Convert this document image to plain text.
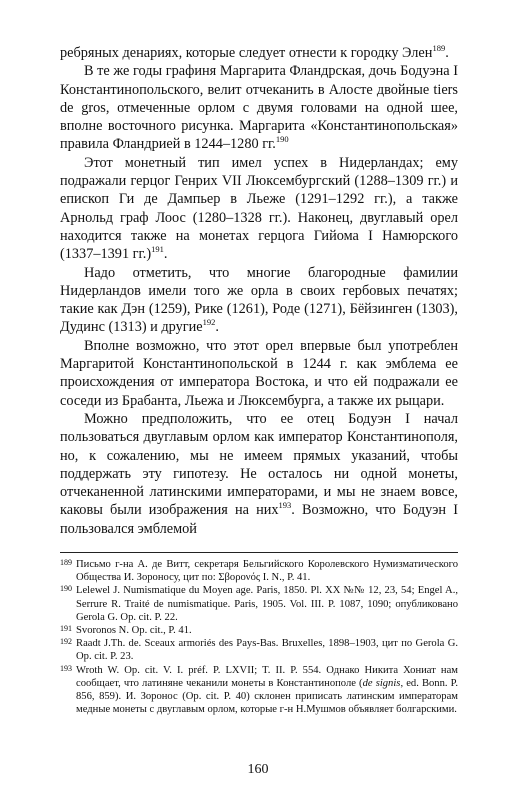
ребряных денариях, которые следует отнести к городку Элен$^{189}$.

В те же годы графиня Маргарита Фландрская, дочь Бодуэна I Константинопольского, велит отчеканить в Алосте двойные tiers de gros, отмеченные орлом с двумя головами на одной шее, вполне восточного рисунка. Маргарита «Константинопольская» правила Фландрией в 1244–1280 гг.$^{190}$

Этот монетный тип имел успех в Нидерландах; ему подражали герцог Генрих VII Люксембургский (1288–1309 гг.) и епископ Ги де Дампьер в Льеже (1291–1292 гг.), а также Арнольд граф Лоос (1280–1328 гг.). Наконец, двуглавый орел находится также на монетах герцога Гийома I Намюрского (1337–1391 гг.)$^{191}$.

Надо отметить, что многие благородные фамилии Нидерландов имели того же орла в своих гербовых печатях; такие как Дэн (1259), Рике (1261), Роде (1271), Бёйзинген (1303), Дудинс (1313) и другие$^{192}$.

Вполне возможно, что этот орел впервые был употреблен Маргаритой Константинопольской в 1244 г. как эмблема ее происхождения от императора Востока, и что ей подражали ее соседи из Брабанта, Льежа и Люксембурга, а также их рыцари.

Можно предположить, что ее отец Бодуэн I начал пользоваться двуглавым орлом как император Константинополя, но, к сожалению, мы не имеем прямых указаний, чтобы поддержать эту гипотезу. Не осталось ни одной монеты, отчеканенной латинскими императорами, и мы не знаем вовсе, каковы были изображения на них$^{193}$. Возможно, что Бодуэн I пользовался эмблемой

189 Письмо г-на А. де Витт, секретаря Бельгийского Королевского Нумизматического Общества И. Зороносу, цит по: Σβορονός I. Ν., Р. 41.
190 Lelewel J. Numismatique du Moyen age. Paris, 1850. Pl. XX №№ 12, 23, 54; Engel A., Serrure R. Traité de numismatique. Paris, 1905. Vol. III. P. 1087, 1090; опубликовано Gerola G. Op. cit. P. 22.
191 Svoronos N. Op. cit., P. 41.
192 Raadt J.Th. de. Sceaux armoriés des Pays-Bas. Bruxelles, 1898–1903, цит по Gerola G. Op. cit. P. 23.
193 Wroth W. Op. cit. V. I. préf. P. LXVII; T. II. P. 554. Однако Никита Хониат нам сообщает, что латиняне чеканили монеты в Константинополе (de signis, ed. Bonn. P. 856, 859). И. Зоронос (Op. cit. P. 40) склонен приписать латинским императорам медные монеты с двуглавым орлом, которые г-н Н.Мушмов объявляет болгарскими.
160
